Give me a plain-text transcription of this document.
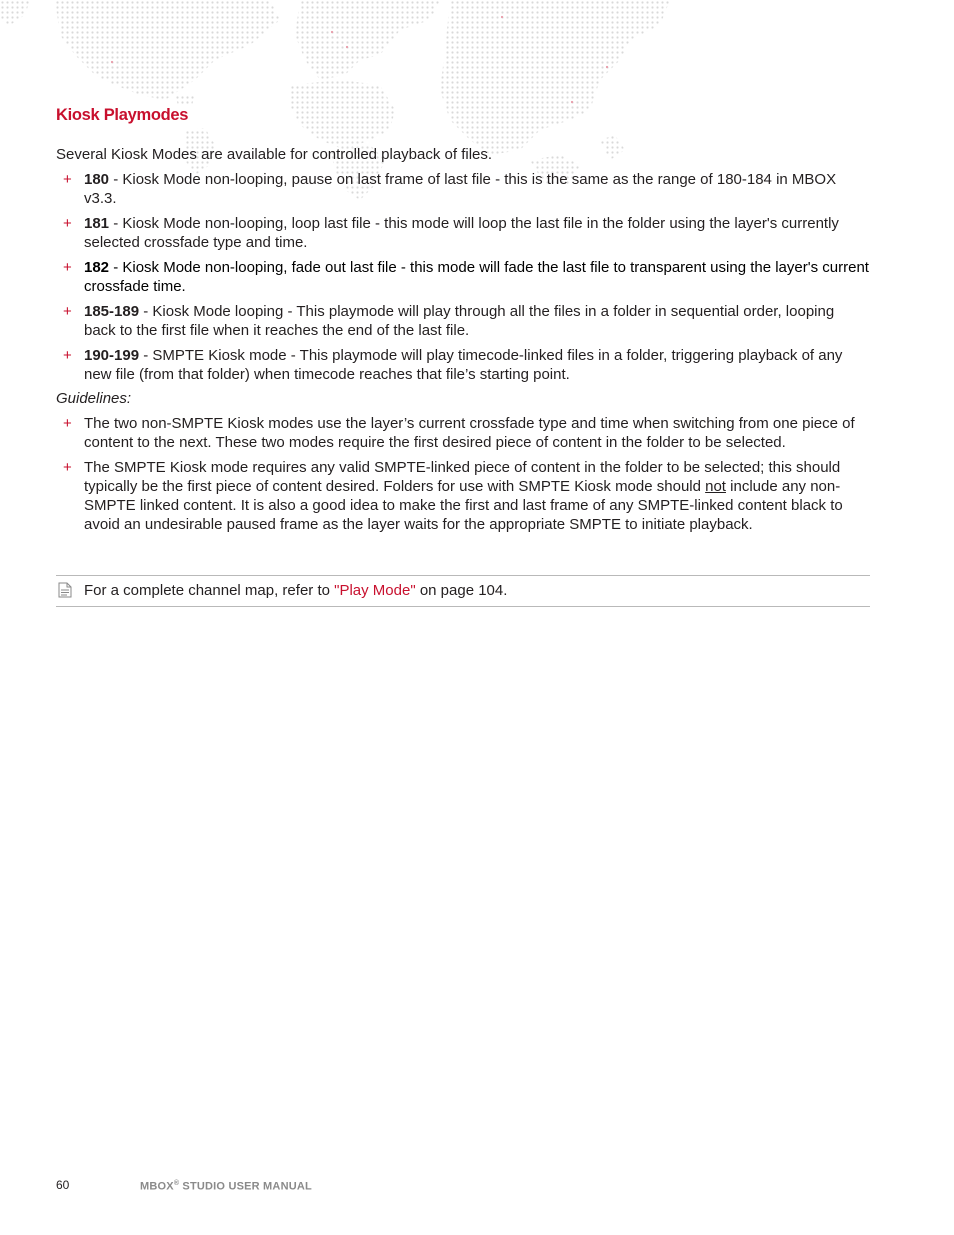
Kiosk Playmodes

Several Kiosk Modes are available for controlled playback of files.

+ 180 - Kiosk Mode non-looping, pause on last frame of last file - this is the same as the range of 180-184 in MBOX v3.3.
+ 181 - Kiosk Mode non-looping, loop last file - this mode will loop the last file in the folder using the layer's currently selected crossfade type and time.
+ 182 - Kiosk Mode non-looping, fade out last file - this mode will fade the last file to transparent using the layer's current crossfade time.
+ 185-189 - Kiosk Mode looping - This playmode will play through all the files in a folder in sequential order, looping back to the first file when it reaches the end of the last file.
+ 190-199 - SMPTE Kiosk mode - This playmode will play timecode-linked files in a folder, triggering playback of any new file (from that folder) when timecode reaches that file’s starting point.

Guidelines:

+ The two non-SMPTE Kiosk modes use the layer’s current crossfade type and time when switching from one piece of content to the next. These two modes require the first desired piece of content in the folder to be selected.
+ The SMPTE Kiosk mode requires any valid SMPTE-linked piece of content in the folder to be selected; this should typically be the first piece of content desired. Folders for use with SMPTE Kiosk mode should not include any non-SMPTE linked content. It is also a good idea to make the first and last frame of any SMPTE-linked content black to avoid an undesirable paused frame as the layer waits for the appropriate SMPTE to initiate playback.
For a complete channel map, refer to "Play Mode" on page 104.
60	MBOX® STUDIO USER MANUAL
